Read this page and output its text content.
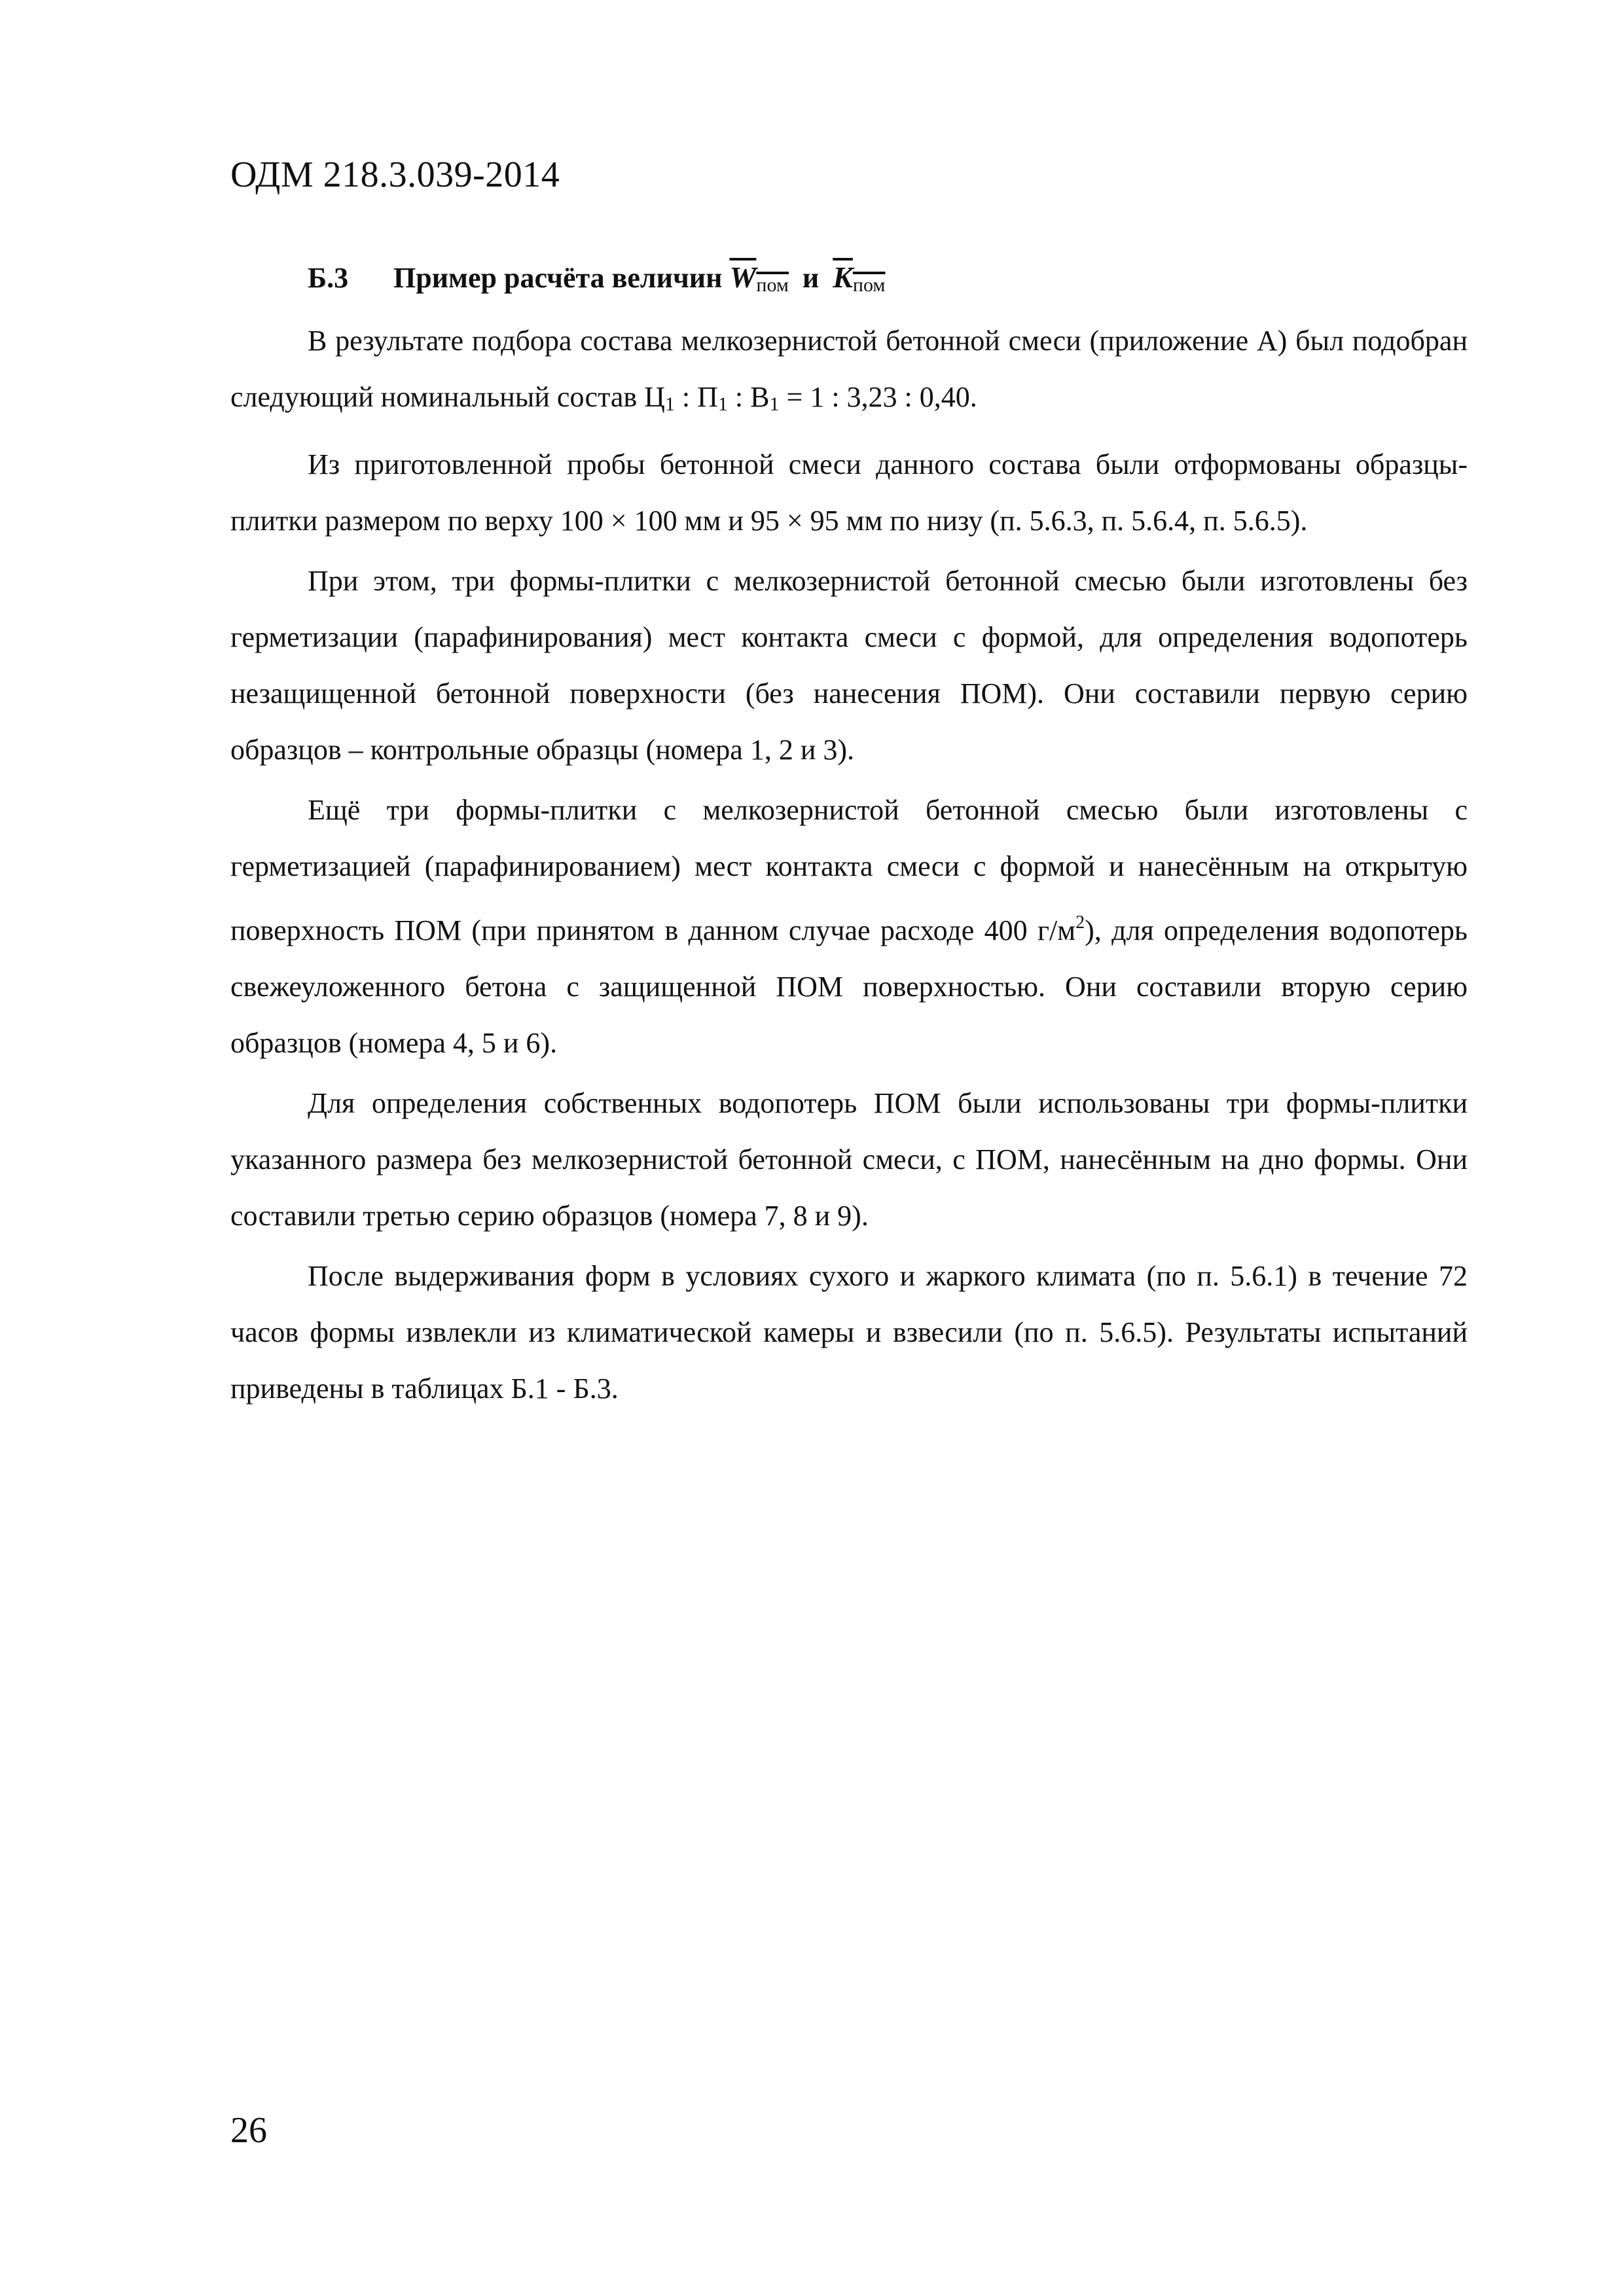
ОДМ 218.3.039-2014
Б.3 Пример расчёта величин $W_{пом}$ и $K_{пом}$

В результате подбора состава мелкозернистой бетонной смеси (приложение А) был подобран следующий номинальный состав $Ц_1$ : $П_1$ : $В_1 = 1$ : 3,23 : 0,40.

Из приготовленной пробы бетонной смеси данного состава были отформованы образцы-плитки размером по верху 100 × 100 мм и 95 × 95 мм по низу (п. 5.6.3, п. 5.6.4, п. 5.6.5).

При этом, три формы-плитки с мелкозернистой бетонной смесью были изготовлены без герметизации (парафинирования) мест контакта смеси с формой, для определения водопотерь незащищенной бетонной поверхности (без нанесения ПОМ). Они составили первую серию образцов – контрольные образцы (номера 1, 2 и 3).

Ещё три формы-плитки с мелкозернистой бетонной смесью были изготовлены с герметизацией (парафинированием) мест контакта смеси с формой и нанесённым на открытую поверхность ПОМ (при принятом в данном случае расходе 400 $г/м^2$), для определения водопотерь свежеуложенного бетона с защищенной ПОМ поверхностью. Они составили вторую серию образцов (номера 4, 5 и 6).

Для определения собственных водопотерь ПОМ были использованы три формы-плитки указанного размера без мелкозернистой бетонной смеси, с ПОМ, нанесённым на дно формы. Они составили третью серию образцов (номера 7, 8 и 9).

После выдерживания форм в условиях сухого и жаркого климата (по п. 5.6.1) в течение 72 часов формы извлекли из климатической камеры и взвесили (по п. 5.6.5). Результаты испытаний приведены в таблицах Б.1 - Б.3.

26
